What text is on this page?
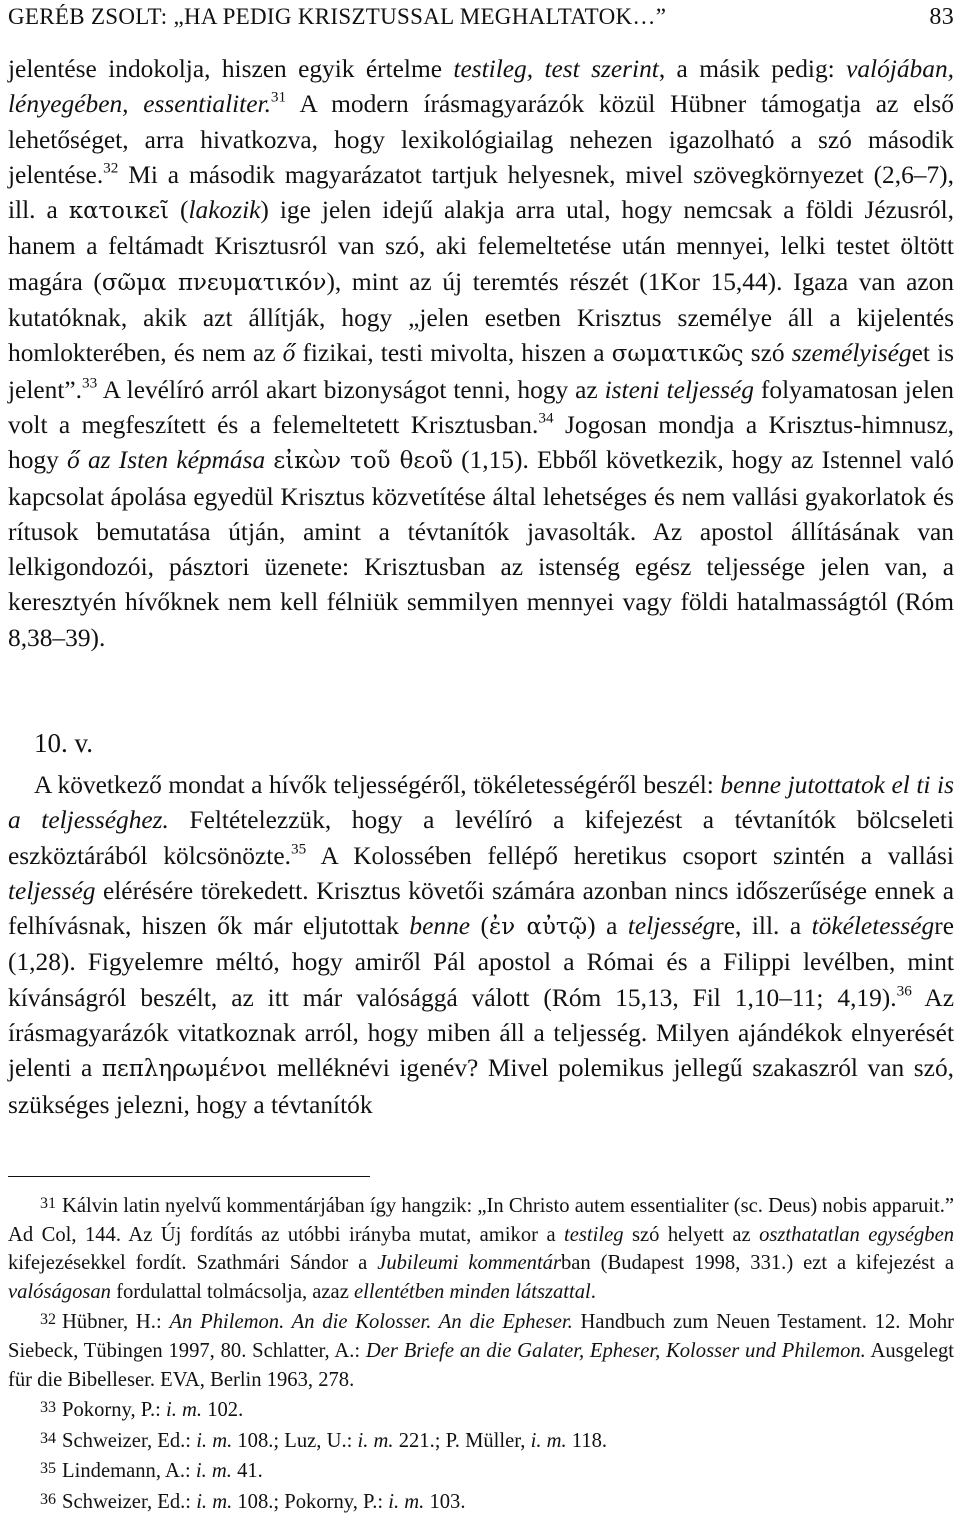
GERÉB ZSOLT: „HA PEDIG KRISZTUSSAL MEGHALTATOK…”	83

jelentése indokolja, hiszen egyik értelme testileg, test szerint, a másik pedig: valójában, lényegében, essentialiter.$^{31}$ A modern írásmagyarázók közül Hübner támogatja az első lehetőséget, arra hivatkozva, hogy lexikológiailag nehezen igazolható a szó második jelentése.$^{32}$ Mi a második magyarázatot tartjuk helyesnek, mivel szövegkörnyezet (2,6‒7), ill. a κατοικεῖ (lakozik) ige jelen idejű alakja arra utal, hogy nemcsak a földi Jézusról, hanem a feltámadt Krisztusról van szó, aki felemeltetése után mennyei, lelki testet öltött magára (σῶμα πνευματικόν), mint az új teremtés részét (1Kor 15,44). Igaza van azon kutatóknak, akik azt állítják, hogy „jelen esetben Krisztus személye áll a kijelentés homlokterében, és nem az ő fizikai, testi mivolta, hiszen a σωματικῶς szó személyiséget is jelent”.$^{33}$ A levélíró arról akart bizonyságot tenni, hogy az isteni teljesség folyamatosan jelen volt a megfeszített és a felemeltetett Krisztusban.$^{34}$ Jogosan mondja a Krisztus-himnusz, hogy ő az Isten képmása εἰκὼν τοῦ θεοῦ (1,15). Ebből következik, hogy az Istennel való kapcsolat ápolása egyedül Krisztus közvetítése által lehetséges és nem vallási gyakorlatok és rítusok bemutatása útján, amint a tévtanítók javasolták. Az apostol állításának van lelkigondozói, pásztori üzenete: Krisztusban az istenség egész teljessége jelen van, a keresztyén hívőknek nem kell félniük semmilyen mennyei vagy földi hatalmasságtól (Róm 8,38‒39).

10. v.

A következő mondat a hívők teljességéről, tökéletességéről beszél: benne jutottatok el ti is a teljességhez. Feltételezzük, hogy a levélíró a kifejezést a tévtanítók bölcseleti eszköztárából kölcsönözte.$^{35}$ A Kolossében fellépő heretikus csoport szintén a vallási teljesség elérésére törekedett. Krisztus követői számára azonban nincs időszerűsége ennek a felhívásnak, hiszen ők már eljutottak benne (ἐν αὐτῷ) a teljességre, ill. a tökéletességre (1,28). Figyelemre méltó, hogy amiről Pál apostol a Római és a Filippi levélben, mint kívánságról beszélt, az itt már valósággá válott (Róm 15,13, Fil 1,10‒11; 4,19).$^{36}$ Az írásmagyarázók vitatkoznak arról, hogy miben áll a teljesség. Milyen ajándékok elnyerését jelenti a πεπληρωμένοι melléknévi igenév? Mivel polemikus jellegű szakaszról van szó, szükséges jelezni, hogy a tévtanítók

31 Kálvin latin nyelvű kommentárjában így hangzik: „In Christo autem essentialiter (sc. Deus) nobis apparuit.” Ad Col, 144. Az Új fordítás az utóbbi irányba mutat, amikor a testileg szó helyett az oszthatatlan egységben kifejezésekkel fordít. Szathmári Sándor a Jubileumi kommentárban (Budapest 1998, 331.) ezt a kifejezést a valóságosan fordulattal tolmácsolja, azaz ellentétben minden látszattal.

32 Hübner, H.: An Philemon. An die Kolosser. An die Epheser. Handbuch zum Neuen Testament. 12. Mohr Siebeck, Tübingen 1997, 80. Schlatter, A.: Der Briefe an die Galater, Epheser, Kolosser und Philemon. Ausgelegt für die Bibelleser. EVA, Berlin 1963, 278.

33 Pokorny, P.: i. m. 102.

34 Schweizer, Ed.: i. m. 108.; Luz, U.: i. m. 221.; P. Müller, i. m. 118.

35 Lindemann, A.: i. m. 41.

36 Schweizer, Ed.: i. m. 108.; Pokorny, P.: i. m. 103.
